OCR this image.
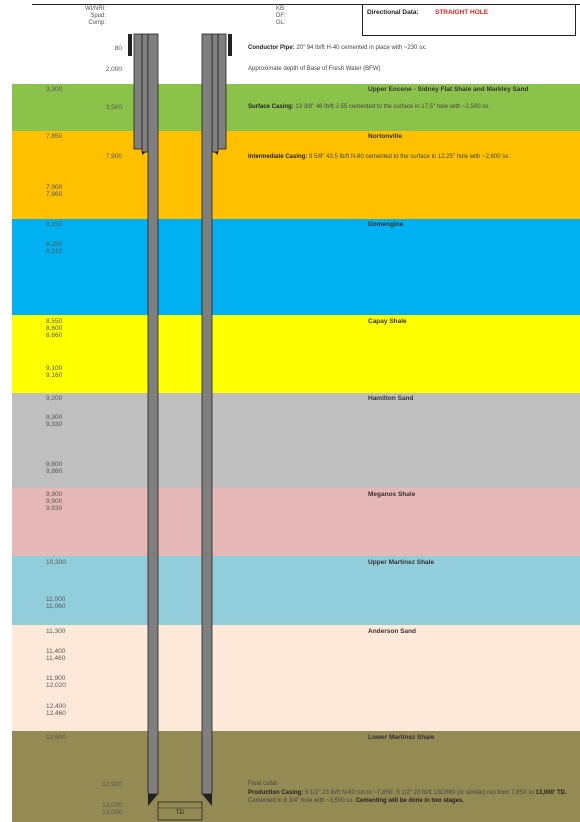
WI/NRI:
Spud:
Comp:
KB:
DF:
GL:
Directional Data:	STRAIGHT HOLE
TD
3,300
7,850
7,900
7,960
8,150
8,250
8,310
8,550
8,600
8,660
9,100
9,160
9,200
9,300
9,330
9,800
9,860
9,900
9,900
9,930
10,300
11,000
11,060
11,300
11,400
11,460
11,900
12,020
12,400
12,460
12,600
80
2,000
3,500
7,900
12,920
13,000
13,000
Upper Eocene - Sidney Flat Shale and Markley Sand
Nortonville
Domengine
Capay Shale
Hamilton Sand
Meganos Shale
Upper Martinez Shale
Anderson Sand
Lower Martinez Shale
Conductor Pipe: 20" 94 lb/ft H-40 cemented in place with ~230 sx.
Approximate depth of Base of Fresh Water (BFW)
Surface Casing: 13 3/8" 48 lb/ft J-55 cemented to the surface in 17.5" hole with ~2,500 sx.
Intermediate Casing: 9 5/8" 43.5 lb/ft N-80 cemented to the surface in 12.25" hole with ~2,600 sx.
Float collar
Production Casing: 5 1/2" 23 lb/ft N-80 run to ~7,850'. 5 1/2" 23 lb/ft 13CR80 (or similar) run from 7,850' to 13,000' TD. Cemented in 8 3/4" hole with ~3,500 sx. Cementing will be done in two stages.
